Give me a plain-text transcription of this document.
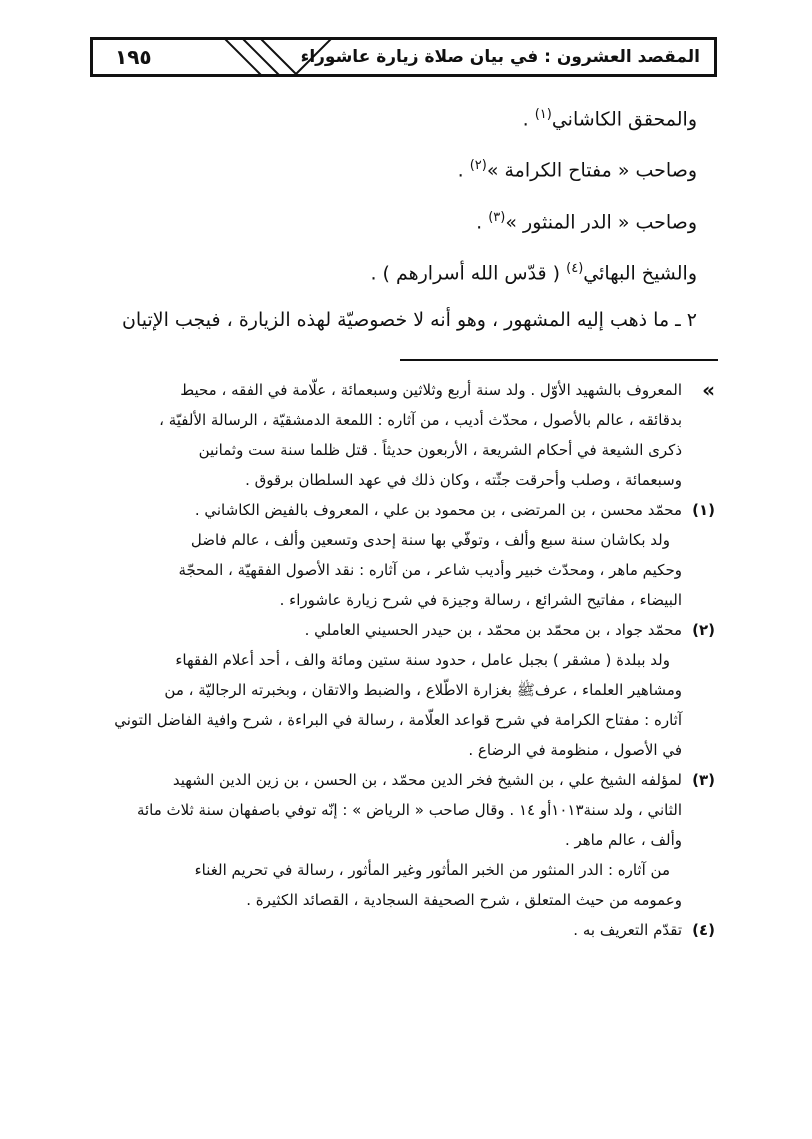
المقصد العشرون : في بيان صلاة زيارة عاشوراء
١٩٥
والمحقق الكاشاني$^{(١)}$ .
وصاحب « مفتاح الكرامة »$^{(٢)}$ .
وصاحب « الدر المنثور »$^{(٣)}$ .
والشيخ البهائي$^{(٤)}$ ( قدّس الله أسرارهم ) .
٢ ـ ما ذهب إليه المشهور ، وهو أنه لا خصوصيّة لهذه الزيارة ، فيجب الإتيان
»

المعروف بالشهيد الأوّل . ولد سنة أربع وثلاثين وسبعمائة ، علّامة في الفقه ، محيط

بدقائقه ، عالم بالأصول ، محدّث أديب ، من آثاره : اللمعة الدمشقيّة ، الرسالة الألفيّة ،

ذكرى الشيعة في أحكام الشريعة ، الأربعون حديثاً . قتل ظلما سنة ست وثمانين

وسبعمائة ، وصلب وأحرقت جثّته ، وكان ذلك في عهد السلطان برقوق .

(١)

محمّد محسن ، بن المرتضى ، بن محمود بن علي ، المعروف بالفيض الكاشاني .

ولد بكاشان سنة سبع وألف ، وتوفّي بها سنة إحدى وتسعين وألف ، عالم فاضل

وحكيم ماهر ، ومحدّث خبير وأديب شاعر ، من آثاره : نقد الأصول الفقهيّة ، المحجّة

البيضاء ، مفاتيح الشرائع ، رسالة وجيزة في شرح زيارة عاشوراء .

(٢)

محمّد جواد ، بن محمّد بن محمّد ، بن حيدر الحسيني العاملي .

ولد ببلدة ( مشقر ) بجبل عامل ، حدود سنة ستين ومائة والف ، أحد أعلام الفقهاء

ومشاهير العلماء ، عرفﷺ بغزارة الاطّلاع ، والضبط والاتقان ، وبخبرته الرجاليّة ، من

آثاره : مفتاح الكرامة في شرح قواعد العلّامة ، رسالة في البراءة ، شرح وافية الفاضل التوني

في الأصول ، منظومة في الرضاع .

(٣)

لمؤلفه الشيخ علي ، بن الشيخ فخر الدين محمّد ، بن الحسن ، بن زين الدين الشهيد

الثاني ، ولد سنة١٠١٣أو ١٤ . وقال صاحب « الرياض » : إنّه توفي باصفهان سنة ثلاث مائة

وألف ، عالم ماهر .

من آثاره : الدر المنثور من الخبر المأثور وغير المأثور ، رسالة في تحريم الغناء

وعمومه من حيث المتعلق ، شرح الصحيفة السجادية ، القصائد الكثيرة .

(٤)

تقدّم التعريف به .
